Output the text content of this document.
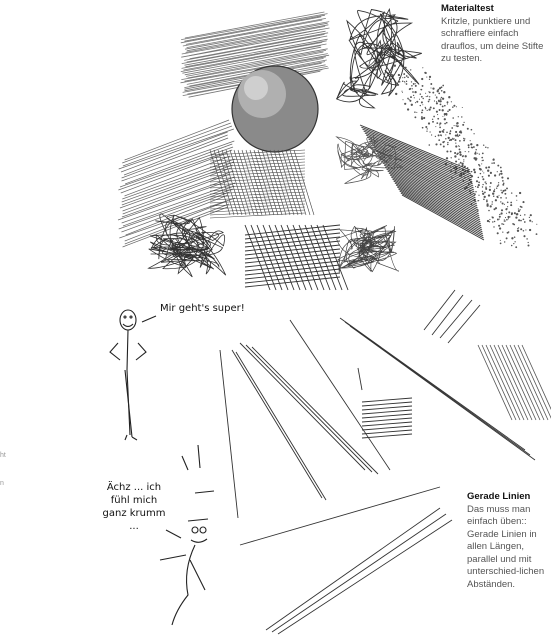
Materialtest
Kritzle, punktiere und schraffiere einfach drauflos, um deine Stifte zu testen.
Gerade Linien
Das muss man einfach üben:: Gerade Linien in allen Längen, parallel und mit unterschied-lichen Abständen.
Mir geht's super!
Ächz ... ich fühl mich ganz krumm ...
ht
n
